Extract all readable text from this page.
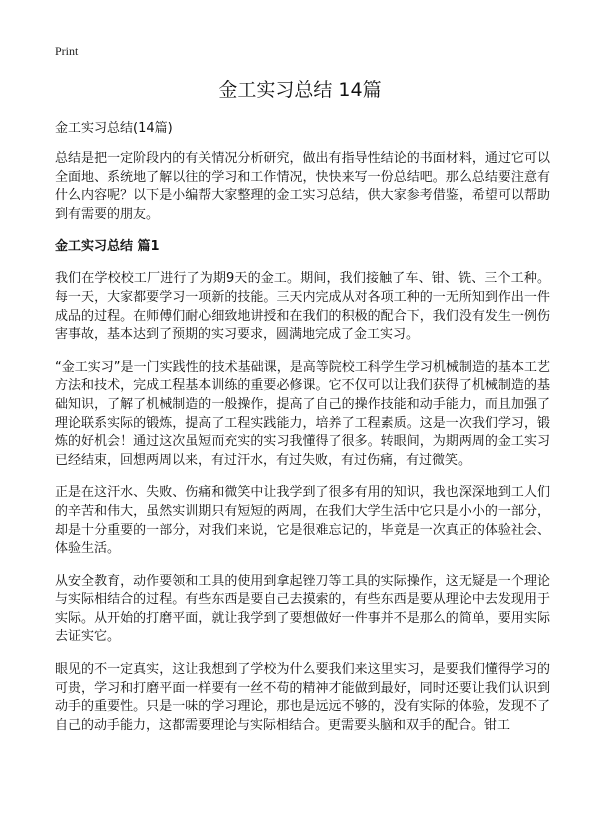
Print
金工实习总结 14篇
金工实习总结(14篇)

总结是把一定阶段内的有关情况分析研究，做出有指导性结论的书面材料，通过它可以全面地、系统地了解以往的学习和工作情况，快快来写一份总结吧。那么总结要注意有什么内容呢？以下是小编帮大家整理的金工实习总结，供大家参考借鉴，希望可以帮助到有需要的朋友。

金工实习总结 篇1

我们在学校校工厂进行了为期9天的金工。期间，我们接触了车、钳、铣、三个工种。每一天，大家都要学习一项新的技能。三天内完成从对各项工种的一无所知到作出一件成品的过程。在师傅们耐心细致地讲授和在我们的积极的配合下，我们没有发生一例伤害事故，基本达到了预期的实习要求，圆满地完成了金工实习。

“金工实习”是一门实践性的技术基础课，是高等院校工科学生学习机械制造的基本工艺方法和技术，完成工程基本训练的重要必修课。它不仅可以让我们获得了机械制造的基础知识，了解了机械制造的一般操作，提高了自己的操作技能和动手能力，而且加强了理论联系实际的锻炼，提高了工程实践能力，培养了工程素质。这是一次我们学习，锻炼的好机会！通过这次虽短而充实的实习我懂得了很多。转眼间，为期两周的金工实习已经结束，回想两周以来，有过汗水，有过失败，有过伤痛，有过微笑。

正是在这汗水、失败、伤痛和微笑中让我学到了很多有用的知识，我也深深地到工人们的辛苦和伟大，虽然实训期只有短短的两周，在我们大学生活中它只是小小的一部分，却是十分重要的一部分，对我们来说，它是很难忘记的，毕竟是一次真正的体验社会、体验生活。

从安全教育，动作要领和工具的使用到拿起锉刀等工具的实际操作，这无疑是一个理论与实际相结合的过程。有些东西是要自己去摸索的，有些东西是要从理论中去发现用于实际。从开始的打磨平面，就让我学到了要想做好一件事并不是那么的简单，要用实际去证实它。

眼见的不一定真实，这让我想到了学校为什么要我们来这里实习，是要我们懂得学习的可贵，学习和打磨平面一样要有一丝不苟的精神才能做到最好，同时还要让我们认识到动手的重要性。只是一味的学习理论，那也是远远不够的，没有实际的体验，发现不了自己的动手能力，这都需要理论与实际相结合。更需要头脑和双手的配合。钳工
